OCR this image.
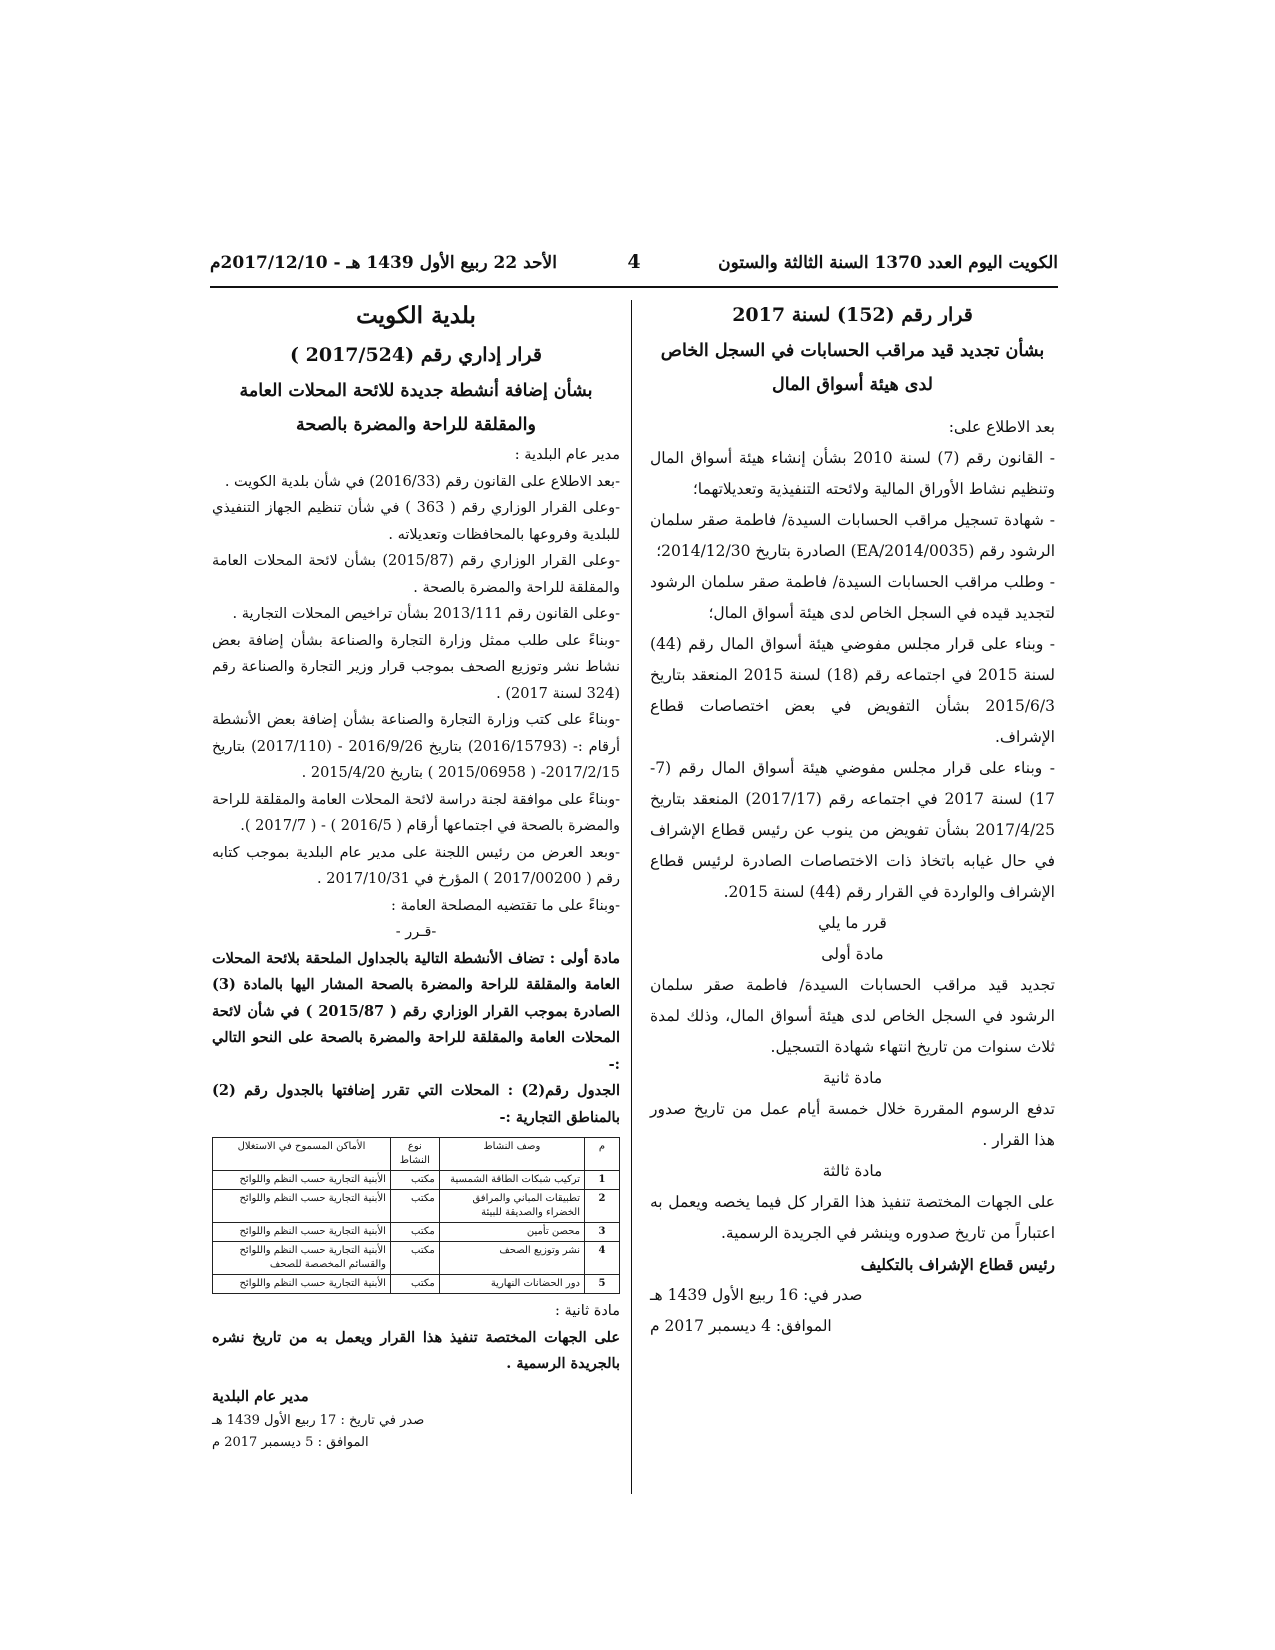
الكويت اليوم العدد 1370 السنة الثالثة والستون
4
الأحد 22 ربيع الأول 1439 هـ - 2017/12/10م
قرار رقم (152) لسنة 2017
بشأن تجديد قيد مراقب الحسابات في السجل الخاص
لدى هيئة أسواق المال

بعد الاطلاع على:

- القانون رقم (7) لسنة 2010 بشأن إنشاء هيئة أسواق المال وتنظيم نشاط الأوراق المالية ولائحته التنفيذية وتعديلاتهما؛

- شهادة تسجيل مراقب الحسابات السيدة/ فاطمة صقر سلمان الرشود رقم (EA/2014/0035) الصادرة بتاريخ 2014/12/30؛

- وطلب مراقب الحسابات السيدة/ فاطمة صقر سلمان الرشود لتجديد قيده في السجل الخاص لدى هيئة أسواق المال؛

- وبناء على قرار مجلس مفوضي هيئة أسواق المال رقم (44) لسنة 2015 في اجتماعه رقم (18) لسنة 2015 المنعقد بتاريخ 2015/6/3 بشأن التفويض في بعض اختصاصات قطاع الإشراف.

- وبناء على قرار مجلس مفوضي هيئة أسواق المال رقم (7-17) لسنة 2017 في اجتماعه رقم (2017/17) المنعقد بتاريخ 2017/4/25 بشأن تفويض من ينوب عن رئيس قطاع الإشراف في حال غيابه باتخاذ ذات الاختصاصات الصادرة لرئيس قطاع الإشراف والواردة في القرار رقم (44) لسنة 2015.

قرر ما يلي
مادة أولى

تجديد قيد مراقب الحسابات السيدة/ فاطمة صقر سلمان الرشود في السجل الخاص لدى هيئة أسواق المال، وذلك لمدة ثلاث سنوات من تاريخ انتهاء شهادة التسجيل.

مادة ثانية

تدفع الرسوم المقررة خلال خمسة أيام عمل من تاريخ صدور هذا القرار .

مادة ثالثة

على الجهات المختصة تنفيذ هذا القرار كل فيما يخصه ويعمل به اعتباراً من تاريخ صدوره وينشر في الجريدة الرسمية.

رئيس قطاع الإشراف بالتكليف
صدر في: 16 ربيع الأول 1439 هـ
الموافق: 4 ديسمبر 2017 م
بلدية الكويت
قرار إداري رقم (2017/524 )
بشأن إضافة أنشطة جديدة للائحة المحلات العامة
والمقلقة للراحة والمضرة بالصحة

مدير عام البلدية :

-بعد الاطلاع على القانون رقم (2016/33) في شأن بلدية الكويت .

-وعلى القرار الوزاري رقم ( 363 ) في شأن تنظيم الجهاز التنفيذي للبلدية وفروعها بالمحافظات وتعديلاته .

-وعلى القرار الوزاري رقم (2015/87) بشأن لائحة المحلات العامة والمقلقة للراحة والمضرة بالصحة .

-وعلى القانون رقم 2013/111 بشأن تراخيص المحلات التجارية .

-وبناءً على طلب ممثل وزارة التجارة والصناعة بشأن إضافة بعض نشاط نشر وتوزيع الصحف بموجب قرار وزير التجارة والصناعة رقم (324 لسنة 2017) .

-وبناءً على كتب وزارة التجارة والصناعة بشأن إضافة بعض الأنشطة أرقام :- (2016/15793) بتاريخ 2016/9/26 - (2017/110) بتاريخ 2017/2/15- ( 2015/06958 ) بتاريخ 2015/4/20 .

-وبناءً على موافقة لجنة دراسة لائحة المحلات العامة والمقلقة للراحة والمضرة بالصحة في اجتماعها أرقام ( 2016/5 ) - ( 2017/7 ).

-وبعد العرض من رئيس اللجنة على مدير عام البلدية بموجب كتابه رقم ( 2017/00200 ) المؤرخ في 2017/10/31 .

-وبناءً على ما تقتضيه المصلحة العامة :

-قـرر -

مادة أولى : تضاف الأنشطة التالية بالجداول الملحقة بلائحة المحلات العامة والمقلقة للراحة والمضرة بالصحة المشار اليها بالمادة (3) الصادرة بموجب القرار الوزاري رقم ( 2015/87 ) في شأن لائحة المحلات العامة والمقلقة للراحة والمضرة بالصحة على النحو التالي :-

الجدول رقم(2) : المحلات التي تقرر إضافتها بالجدول رقم (2) بالمناطق التجارية :-

م	وصف النشاط	نوع النشاط	الأماكن المسموح في الاستغلال
1	تركيب شبكات الطاقة الشمسية	مكتب	الأبنية التجارية حسب النظم واللوائح
2	تطبيقات المباني والمرافق الخضراء والصديقة للبيئة	مكتب	الأبنية التجارية حسب النظم واللوائح
3	محصن تأمين	مكتب	الأبنية التجارية حسب النظم واللوائح
4	نشر وتوزيع الصحف	مكتب	الأبنية التجارية حسب النظم واللوائح والقسائم المخصصة للصحف
5	دور الحضانات النهارية	مكتب	الأبنية التجارية حسب النظم واللوائح
مادة ثانية :

على الجهات المختصة تنفيذ هذا القرار ويعمل به من تاريخ نشره بالجريدة الرسمية .

مدير عام البلدية
صدر في تاريخ : 17 ربيع الأول 1439 هـ
الموافق : 5 ديسمبر 2017 م
